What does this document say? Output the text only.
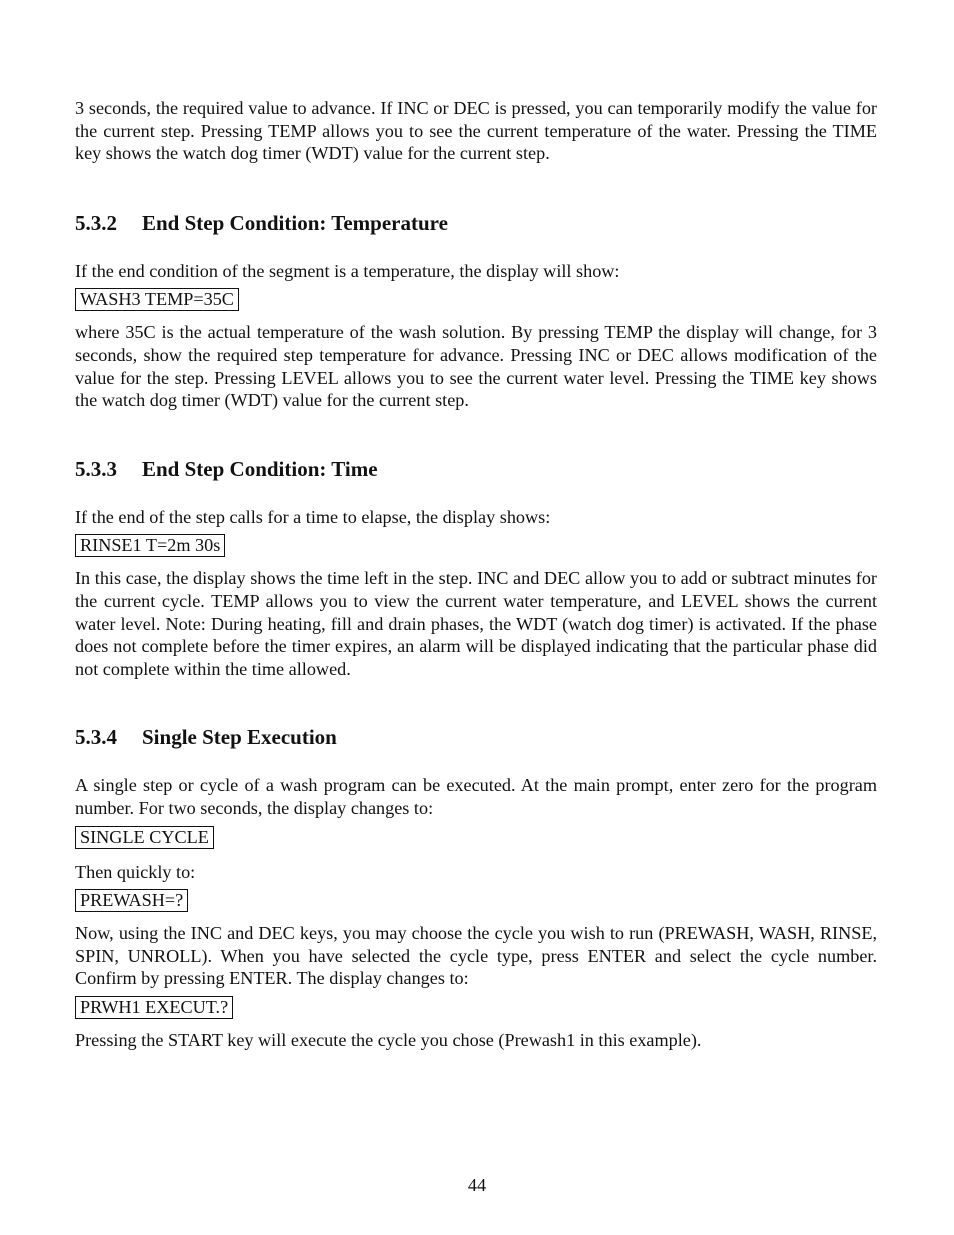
3 seconds, the required value to advance. If INC or DEC is pressed, you can temporarily modify the value for the current step. Pressing TEMP allows you to see the current temperature of the water. Pressing the TIME key shows the watch dog timer (WDT) value for the current step.

5.3.2 End Step Condition: Temperature

If the end condition of the segment is a temperature, the display will show:

WASH3 TEMP=35C

where 35C is the actual temperature of the wash solution. By pressing TEMP the display will change, for 3 seconds, show the required step temperature for advance. Pressing INC or DEC allows modification of the value for the step. Pressing LEVEL allows you to see the current water level. Pressing the TIME key shows the watch dog timer (WDT) value for the current step.

5.3.3 End Step Condition: Time

If the end of the step calls for a time to elapse, the display shows:

RINSE1 T=2m 30s

In this case, the display shows the time left in the step. INC and DEC allow you to add or subtract minutes for the current cycle. TEMP allows you to view the current water temperature, and LEVEL shows the current water level. Note: During heating, fill and drain phases, the WDT (watch dog timer) is activated. If the phase does not complete before the timer expires, an alarm will be displayed indicating that the particular phase did not complete within the time allowed.

5.3.4 Single Step Execution

A single step or cycle of a wash program can be executed. At the main prompt, enter zero for the program number. For two seconds, the display changes to:

SINGLE CYCLE

Then quickly to:

PREWASH=?

Now, using the INC and DEC keys, you may choose the cycle you wish to run (PREWASH, WASH, RINSE, SPIN, UNROLL). When you have selected the cycle type, press ENTER and select the cycle number. Confirm by pressing ENTER. The display changes to:

PRWH1 EXECUT.?

Pressing the START key will execute the cycle you chose (Prewash1 in this example).

44
